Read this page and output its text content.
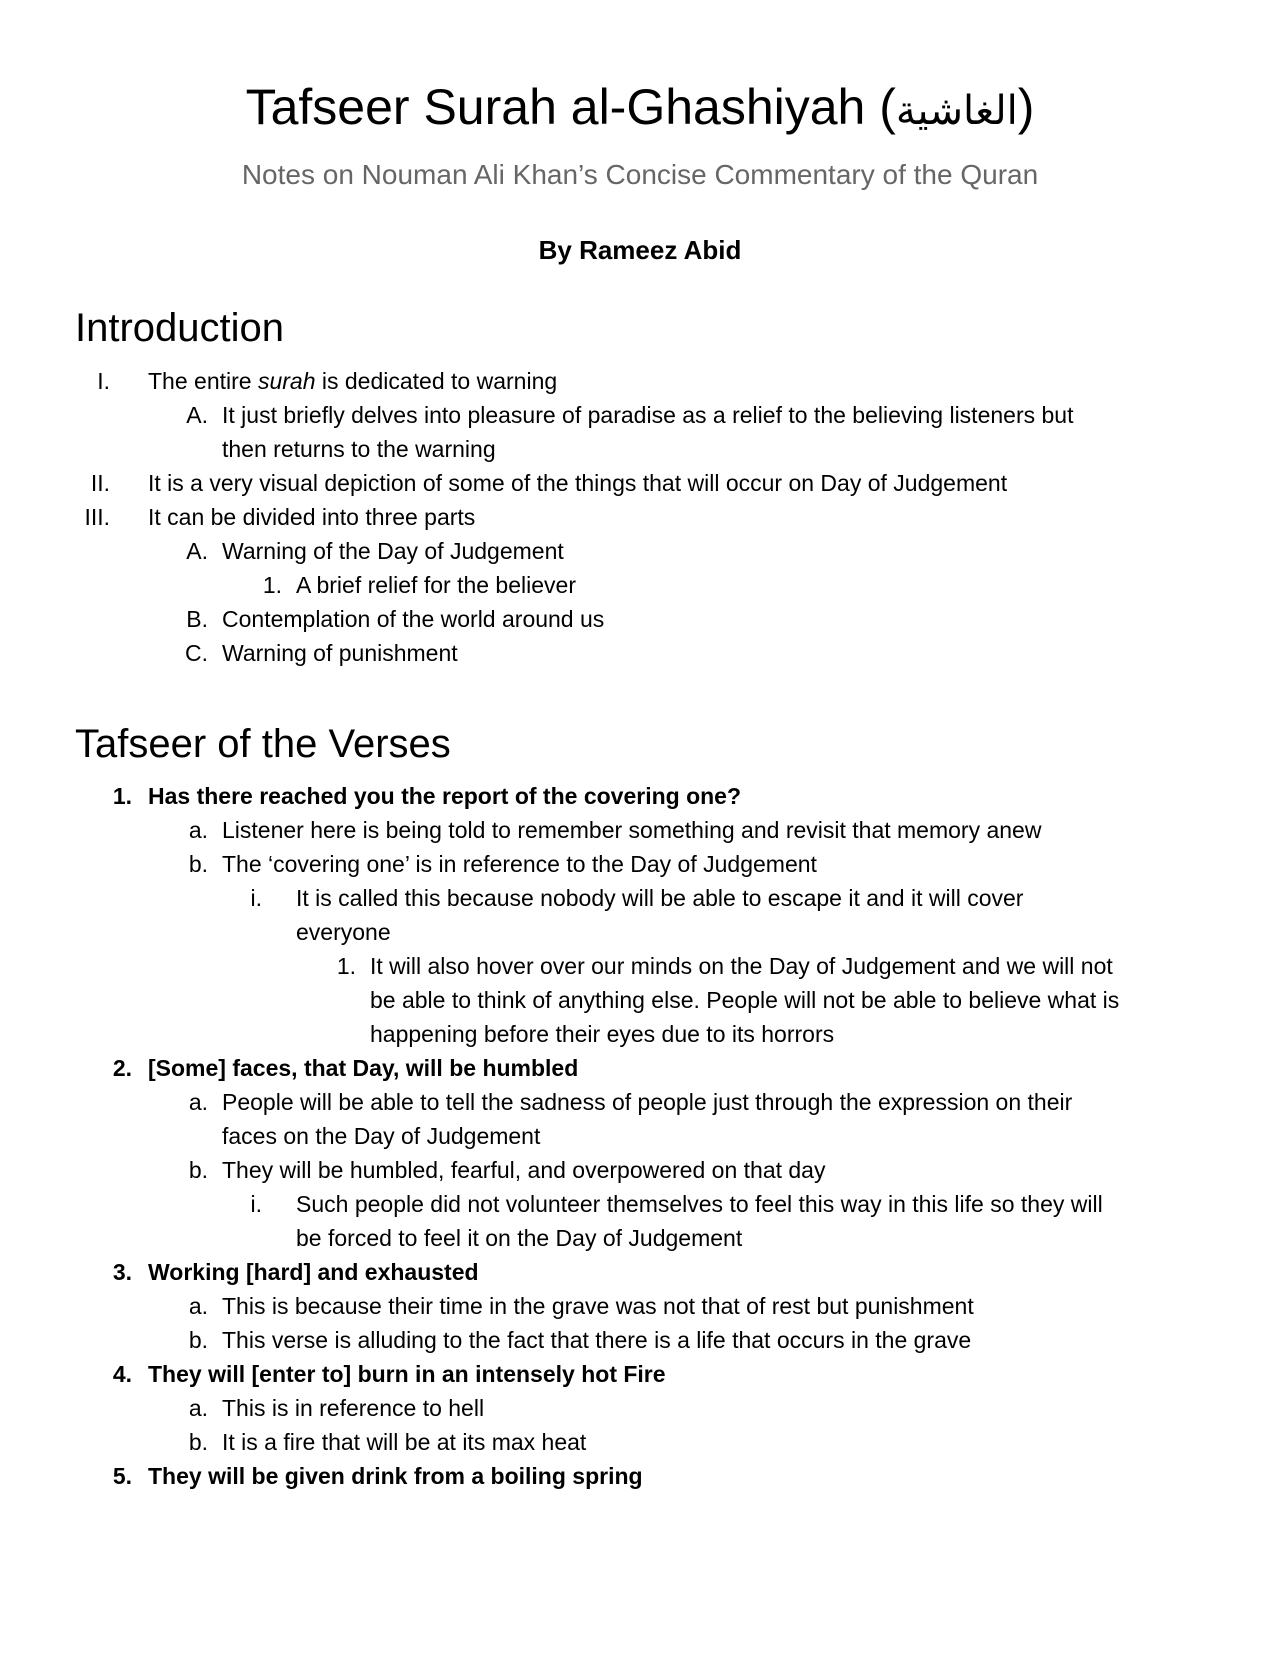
Tafseer Surah al-Ghashiyah (الغاشية)
Notes on Nouman Ali Khan’s Concise Commentary of the Quran
By Rameez Abid
Introduction
I. The entire surah is dedicated to warning
A. It just briefly delves into pleasure of paradise as a relief to the believing listeners but
then returns to the warning
II. It is a very visual depiction of some of the things that will occur on Day of Judgement
III. It can be divided into three parts
A. Warning of the Day of Judgement
1. A brief relief for the believer
B. Contemplation of the world around us
C. Warning of punishment
Tafseer of the Verses
1. Has there reached you the report of the covering one?
a. Listener here is being told to remember something and revisit that memory anew
b. The ‘covering one’ is in reference to the Day of Judgement
i. It is called this because nobody will be able to escape it and it will cover
everyone
1. It will also hover over our minds on the Day of Judgement and we will not
be able to think of anything else. People will not be able to believe what is
happening before their eyes due to its horrors
2. [Some] faces, that Day, will be humbled
a. People will be able to tell the sadness of people just through the expression on their
faces on the Day of Judgement
b. They will be humbled, fearful, and overpowered on that day
i. Such people did not volunteer themselves to feel this way in this life so they will
be forced to feel it on the Day of Judgement
3. Working [hard] and exhausted
a. This is because their time in the grave was not that of rest but punishment
b. This verse is alluding to the fact that there is a life that occurs in the grave
4. They will [enter to] burn in an intensely hot Fire
a. This is in reference to hell
b. It is a fire that will be at its max heat
5. They will be given drink from a boiling spring
